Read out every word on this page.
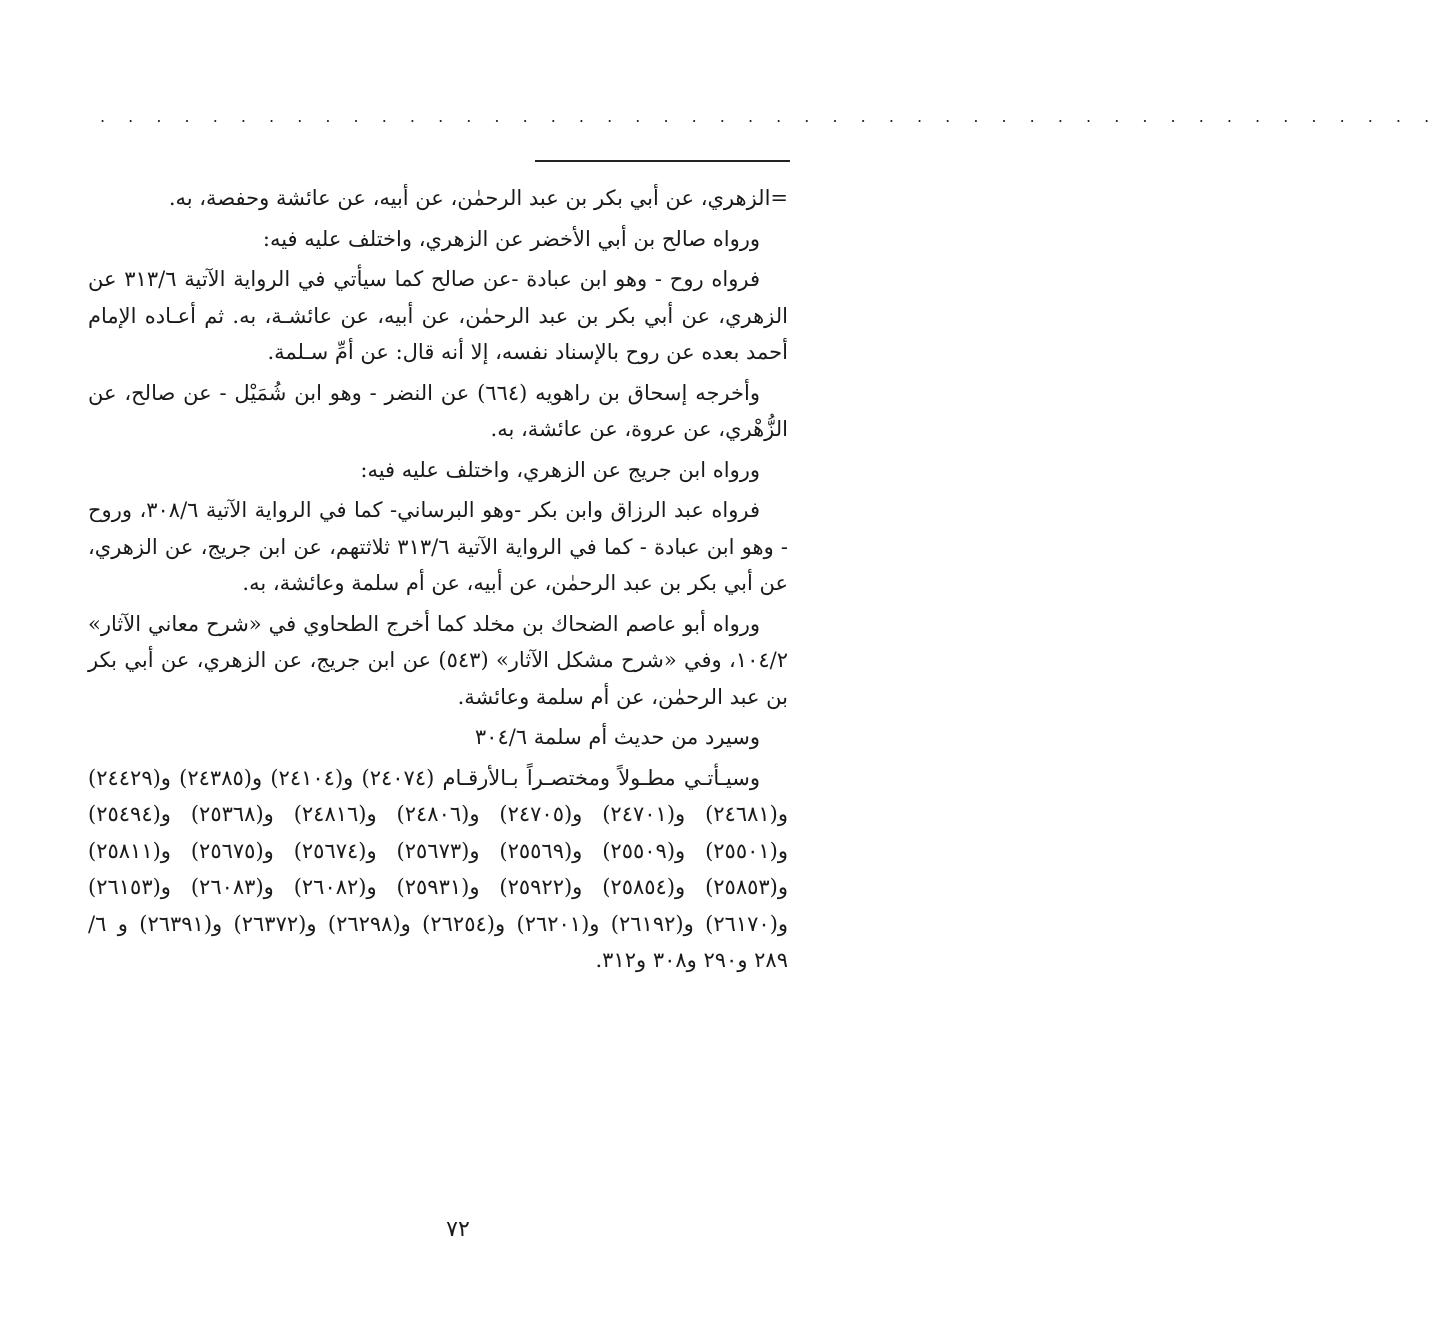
. . . . . . . . . . . . . . . . . . . . . . . . . . . . . . . . . . . . . . . . . . . . . . . .

=الزهري، عن أبي بكر بن عبد الرحمٰن، عن أبيه، عن عائشة وحفصة، به.

ورواه صالح بن أبي الأخضر عن الزهري، واختلف عليه فيه:

فرواه روح - وهو ابن عبادة -عن صالح كما سيأتي في الرواية الآتية ٣١٣/٦ عن الزهري، عن أبي بكر بن عبد الرحمٰن، عن أبيه، عن عائشـة، به. ثم أعـاده الإمام أحمد بعده عن روح بالإسناد نفسه، إلا أنه قال: عن أمِّ سـلمة.

وأخرجه إسحاق بن راهويه (٦٦٤) عن النضر - وهو ابن شُمَيْل - عن صالح، عن الزُّهْري، عن عروة، عن عائشة، به.

ورواه ابن جريج عن الزهري، واختلف عليه فيه:

فرواه عبد الرزاق وابن بكر -وهو البرساني- كما في الرواية الآتية ٣٠٨/٦، وروح - وهو ابن عبادة - كما في الرواية الآتية ٣١٣/٦ ثلاثتهم، عن ابن جريج، عن الزهري، عن أبي بكر بن عبد الرحمٰن، عن أبيه، عن أم سلمة وعائشة، به.

ورواه أبو عاصم الضحاك بن مخلد كما أخرج الطحاوي في «شرح معاني الآثار» ١٠٤/٢، وفي «شرح مشكل الآثار» (٥٤٣) عن ابن جريج، عن الزهري، عن أبي بكر بن عبد الرحمٰن، عن أم سلمة وعائشة.

وسيرد من حديث أم سلمة ٣٠٤/٦

وسيـأتـي مطـولاً ومختصـراً بـالأرقـام (٢٤٠٧٤) و(٢٤١٠٤) و(٢٤٣٨٥) و(٢٤٤٢٩) و(٢٤٦٨١) و(٢٤٧٠١) و(٢٤٧٠٥) و(٢٤٨٠٦) و(٢٤٨١٦) و(٢٥٣٦٨) و(٢٥٤٩٤) و(٢٥٥٠١) و(٢٥٥٠٩) و(٢٥٥٦٩) و(٢٥٦٧٣) و(٢٥٦٧٤) و(٢٥٦٧٥) و(٢٥٨١١) و(٢٥٨٥٣) و(٢٥٨٥٤) و(٢٥٩٢٢) و(٢٥٩٣١) و(٢٦٠٨٢) و(٢٦٠٨٣) و(٢٦١٥٣) و(٢٦١٧٠) و(٢٦١٩٢) و(٢٦٢٠١) و(٢٦٢٥٤) و(٢٦٢٩٨) و(٢٦٣٧٢) و(٢٦٣٩١) و ٦/ ٢٨٩ و٢٩٠ و٣٠٨ و٣١٢.

٧٢
